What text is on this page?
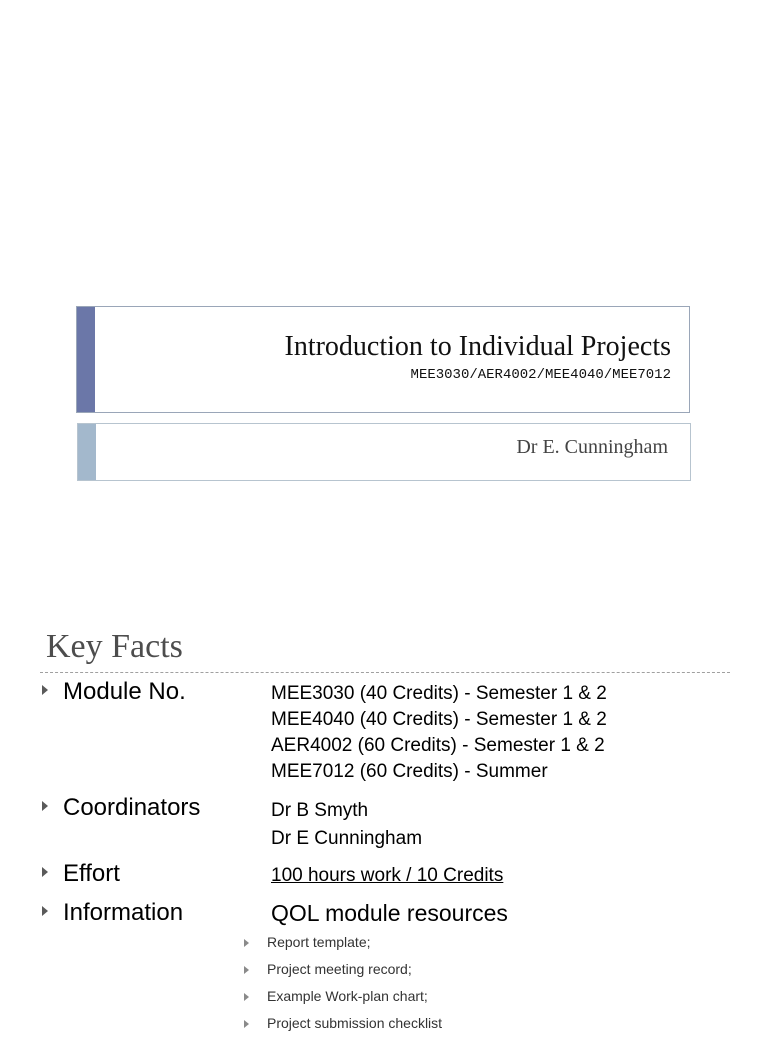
Introduction to Individual Projects
MEE3030/AER4002/MEE4040/MEE7012
Dr E. Cunningham
Key Facts
Module No.	MEE3030 (40 Credits) - Semester 1 & 2
MEE4040 (40 Credits) - Semester 1 & 2
AER4002 (60 Credits) - Semester 1 & 2
MEE7012 (60 Credits) - Summer
Coordinators	Dr B Smyth
Dr E Cunningham
Effort	100 hours work / 10 Credits
Information	QOL module resources
Report template;
Project meeting record;
Example Work-plan chart;
Project submission checklist
